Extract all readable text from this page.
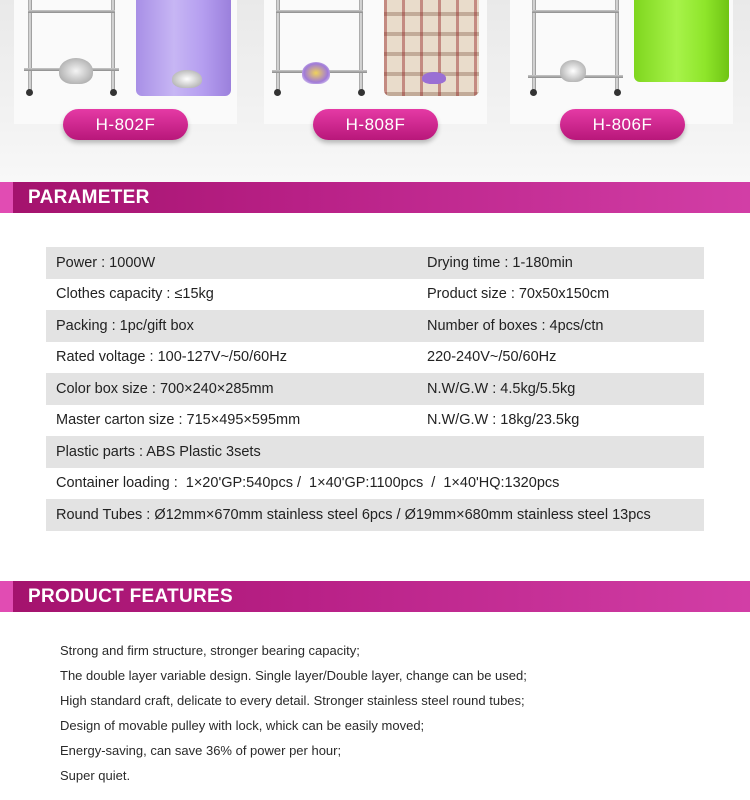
H-802F	H-808F	H-806F
PARAMETER
Power : 1000W	Drying time : 1-180min
Clothes capacity : ≤15kg	Product size : 70x50x150cm
Packing : 1pc/gift box	Number of boxes : 4pcs/ctn
Rated voltage : 100-127V~/50/60Hz	220-240V~/50/60Hz
Color box size : 700×240×285mm	N.W/G.W : 4.5kg/5.5kg
Master carton size : 715×495×595mm	N.W/G.W : 18kg/23.5kg
Plastic parts : ABS Plastic 3sets
Container loading :  1×20'GP:540pcs /  1×40'GP:1100pcs  /  1×40'HQ:1320pcs
Round Tubes : Ø12mm×670mm stainless steel 6pcs / Ø19mm×680mm stainless steel 13pcs
PRODUCT FEATURES
Strong and firm structure, stronger bearing capacity;
The double layer variable design. Single layer/Double layer, change can be used;
High standard craft, delicate to every detail. Stronger stainless steel round tubes;
Design of movable pulley with lock, whick can be easily moved;
Energy-saving, can save 36% of power per hour;
Super quiet.
